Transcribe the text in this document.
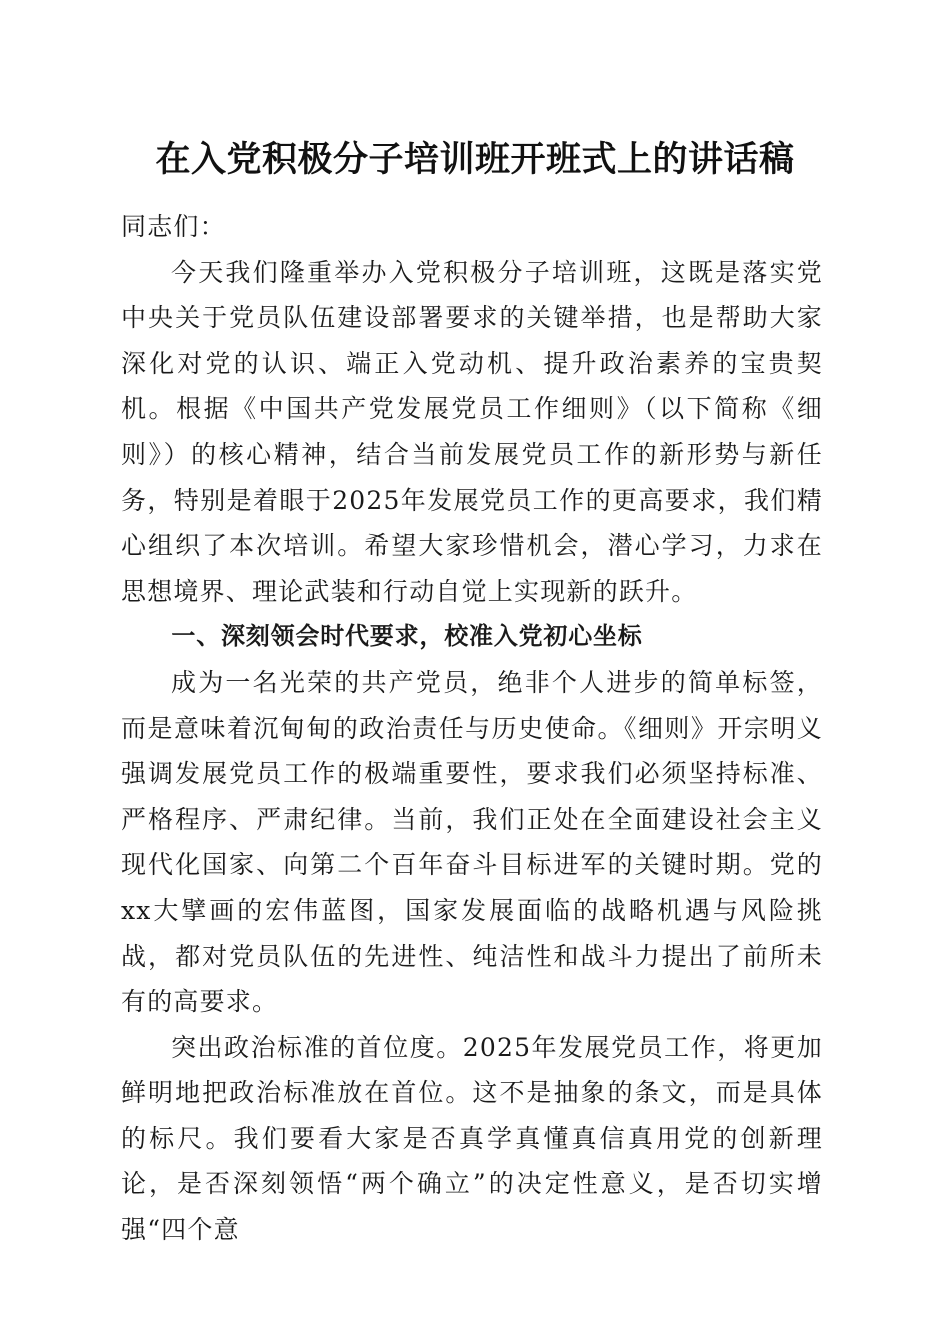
在入党积极分子培训班开班式上的讲话稿

同志们：

今天我们隆重举办入党积极分子培训班，这既是落实党中央关于党员队伍建设部署要求的关键举措，也是帮助大家深化对党的认识、端正入党动机、提升政治素养的宝贵契机。根据《中国共产党发展党员工作细则》（以下简称《细则》）的核心精神，结合当前发展党员工作的新形势与新任务，特别是着眼于2025年发展党员工作的更高要求，我们精心组织了本次培训。希望大家珍惜机会，潜心学习，力求在思想境界、理论武装和行动自觉上实现新的跃升。

一、深刻领会时代要求，校准入党初心坐标

成为一名光荣的共产党员，绝非个人进步的简单标签，而是意味着沉甸甸的政治责任与历史使命。《细则》开宗明义强调发展党员工作的极端重要性，要求我们必须坚持标准、严格程序、严肃纪律。当前，我们正处在全面建设社会主义现代化国家、向第二个百年奋斗目标进军的关键时期。党的xx大擘画的宏伟蓝图，国家发展面临的战略机遇与风险挑战，都对党员队伍的先进性、纯洁性和战斗力提出了前所未有的高要求。

突出政治标准的首位度。2025年发展党员工作，将更加鲜明地把政治标准放在首位。这不是抽象的条文，而是具体的标尺。我们要看大家是否真学真懂真信真用党的创新理论，是否深刻领悟“两个确立”的决定性意义，是否切实增强“四个意
